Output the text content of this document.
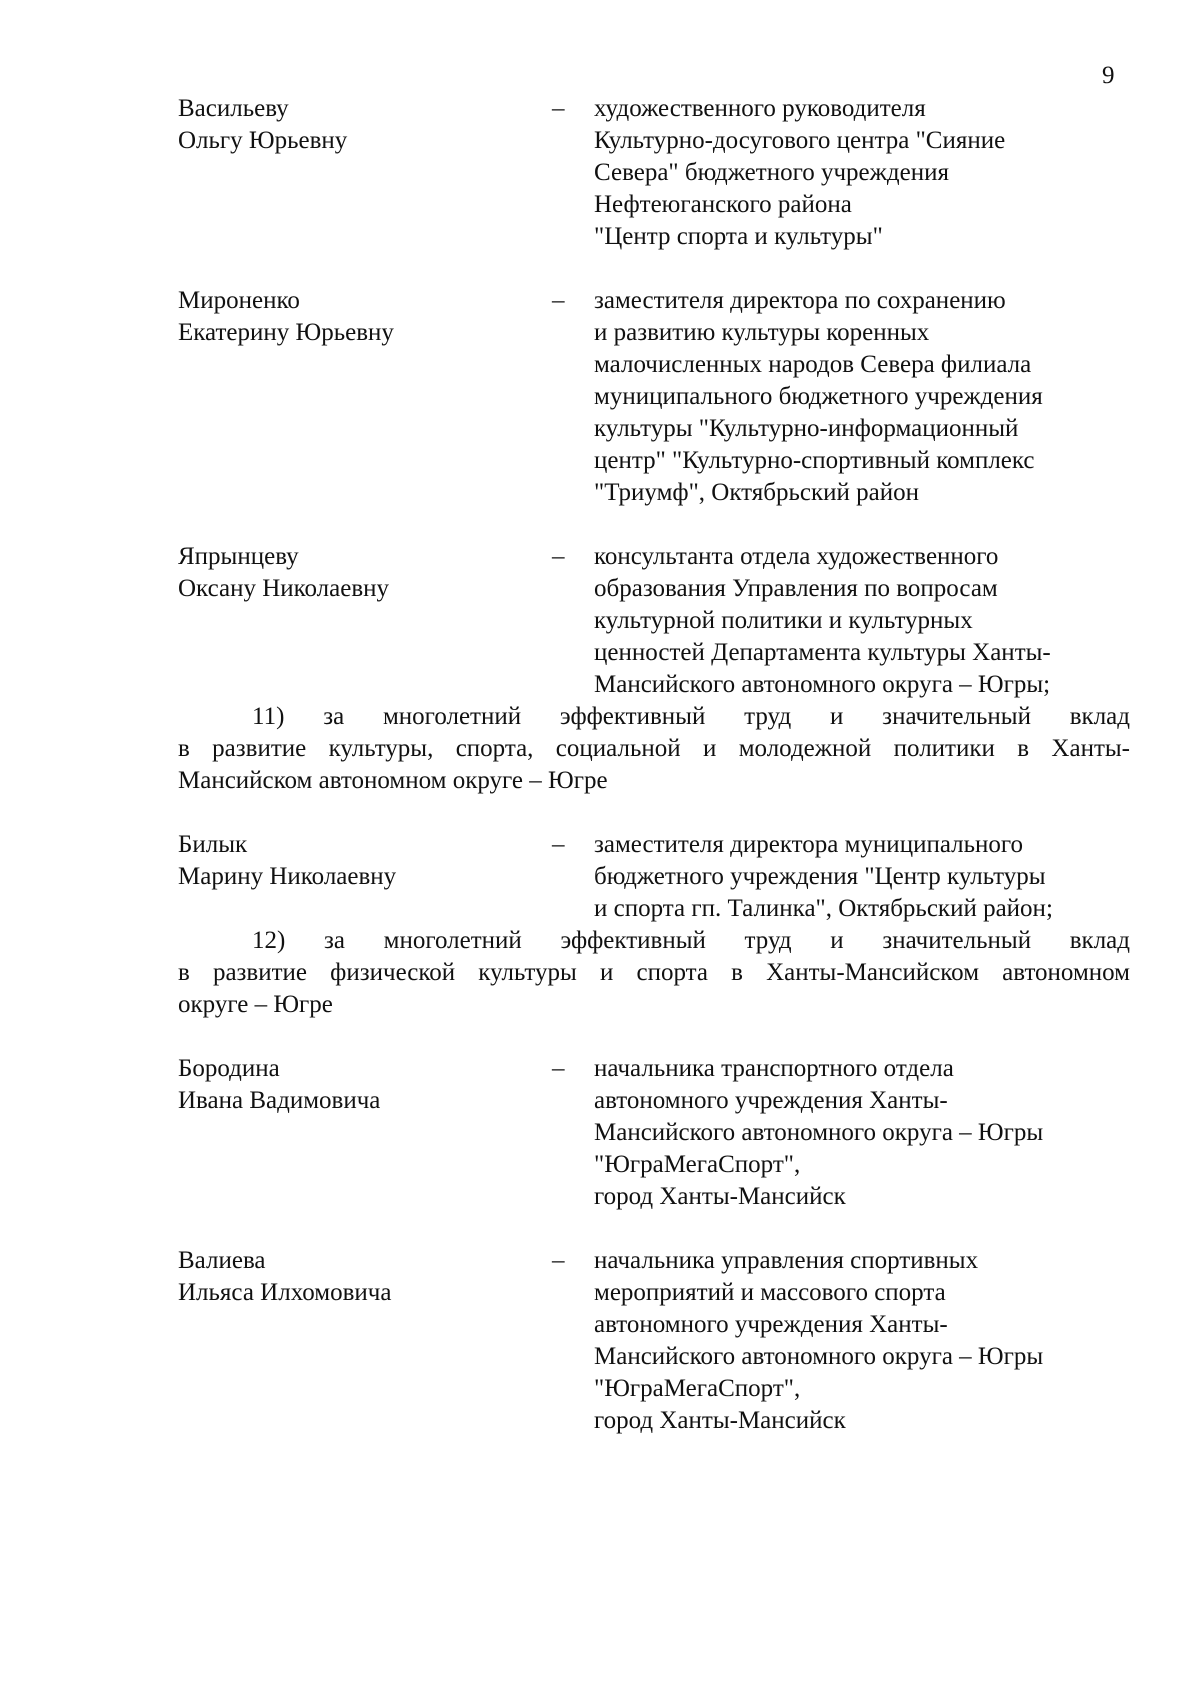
9
Васильеву
Ольгу Юрьевну
–	художественного руководителя
Культурно-досугового центра "Сияние
Севера" бюджетного учреждения
Нефтеюганского района
"Центр спорта и культуры"
Мироненко
Екатерину Юрьевну
–	заместителя директора по сохранению
и развитию культуры коренных
малочисленных народов Севера филиала
муниципального бюджетного учреждения
культуры "Культурно-информационный
центр" "Культурно-спортивный комплекс
"Триумф", Октябрьский район
Япрынцеву
Оксану Николаевну
–	консультанта отдела художественного
образования Управления по вопросам
культурной политики и культурных
ценностей Департамента культуры Ханты-
Мансийского автономного округа – Югры;
11) за многолетний эффективный труд и значительный вклад
в развитие культуры, спорта, социальной и молодежной политики в Ханты-
Мансийском автономном округе – Югре
Билык
Марину Николаевну
–	заместителя директора муниципального
бюджетного учреждения "Центр культуры
и спорта гп. Талинка", Октябрьский район;
12) за многолетний эффективный труд и значительный вклад
в развитие физической культуры и спорта в Ханты-Мансийском автономном
округе – Югре
Бородина
Ивана Вадимовича
–	начальника транспортного отдела
автономного учреждения Ханты-
Мансийского автономного округа – Югры
"ЮграМегаСпорт",
город Ханты-Мансийск
Валиева
Ильяса Илхомовича
–	начальника управления спортивных
мероприятий и массового спорта
автономного учреждения Ханты-
Мансийского автономного округа – Югры
"ЮграМегаСпорт",
город Ханты-Мансийск
